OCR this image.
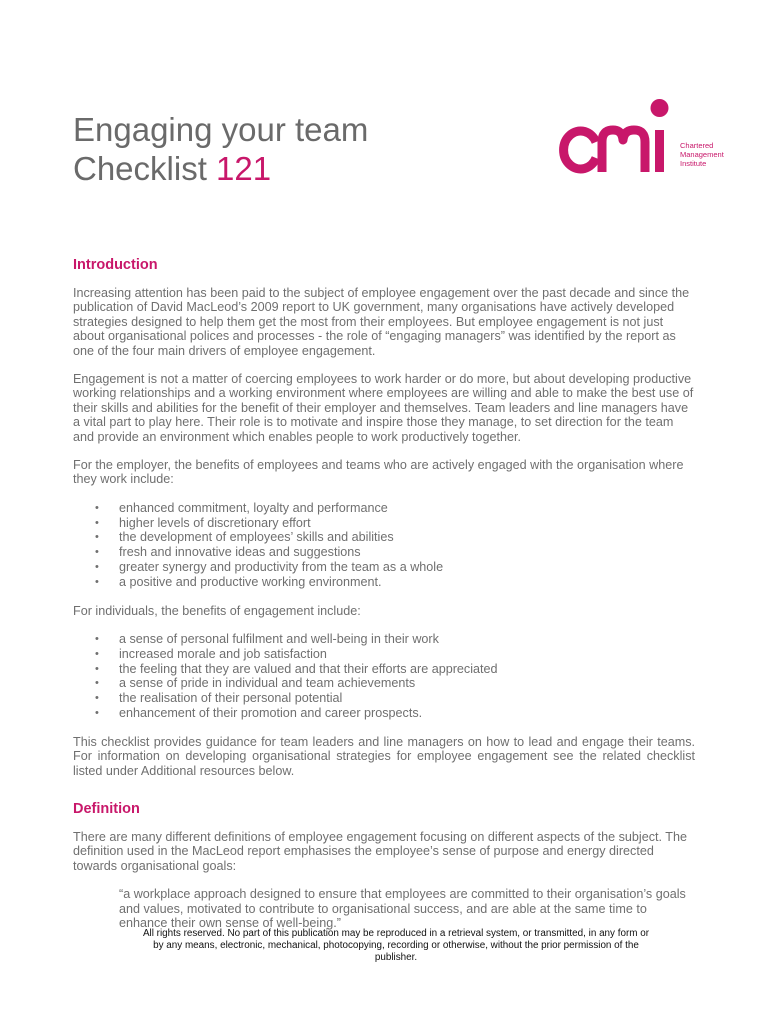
Engaging your team
Checklist 121
Chartered
Management
Institute
Introduction

Increasing attention has been paid to the subject of employee engagement over the past decade and since the publication of David MacLeod’s 2009 report to UK government, many organisations have actively developed strategies designed to help them get the most from their employees. But employee engagement is not just about organisational polices and processes - the role of “engaging managers” was identified by the report as one of the four main drivers of employee engagement.

Engagement is not a matter of coercing employees to work harder or do more, but about developing productive working relationships and a working environment where employees are willing and able to make the best use of their skills and abilities for the benefit of their employer and themselves. Team leaders and line managers have a vital part to play here. Their role is to motivate and inspire those they manage, to set direction for the team and provide an environment which enables people to work productively together.

For the employer, the benefits of employees and teams who are actively engaged with the organisation where they work include:

• enhanced commitment, loyalty and performance
• higher levels of discretionary effort
• the development of employees’ skills and abilities
• fresh and innovative ideas and suggestions
• greater synergy and productivity from the team as a whole
• a positive and productive working environment.

For individuals, the benefits of engagement include:

• a sense of personal fulfilment and well-being in their work
• increased morale and job satisfaction
• the feeling that they are valued and that their efforts are appreciated
• a sense of pride in individual and team achievements
• the realisation of their personal potential
• enhancement of their promotion and career prospects.

This checklist provides guidance for team leaders and line managers on how to lead and engage their teams. For information on developing organisational strategies for employee engagement see the related checklist listed under Additional resources below.

Definition

There are many different definitions of employee engagement focusing on different aspects of the subject. The definition used in the MacLeod report emphasises the employee’s sense of purpose and energy directed towards organisational goals:

“a workplace approach designed to ensure that employees are committed to their organisation’s goals and values, motivated to contribute to organisational success, and are able at the same time to enhance their own sense of well-being.”

All rights reserved. No part of this publication may be reproduced in a retrieval system, or transmitted, in any form or by any means, electronic, mechanical, photocopying, recording or otherwise, without the prior permission of the publisher.
